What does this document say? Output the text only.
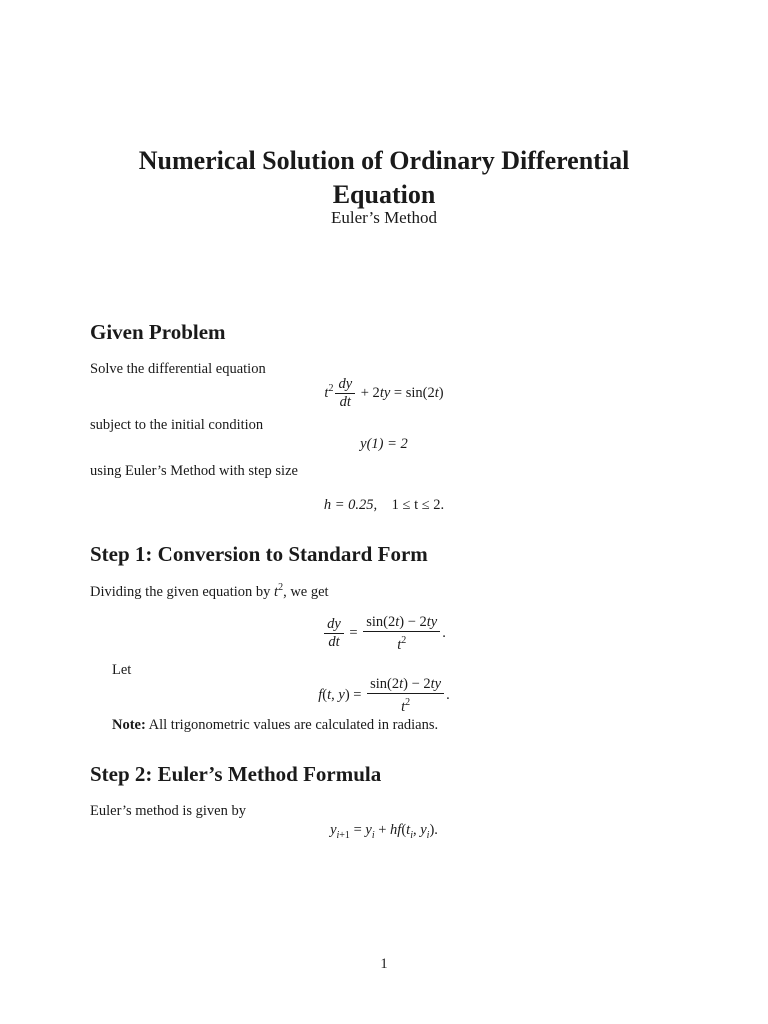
Numerical Solution of Ordinary Differential Equation
Euler’s Method
Given Problem
Solve the differential equation
$t^2 \frac{dy}{dt} + 2ty = \sin(2t)$
subject to the initial condition
y(1) = 2
using Euler’s Method with step size
h = 0.25, 1 ≤ t ≤ 2.
Step 1: Conversion to Standard Form
Dividing the given equation by $t^2$, we get
$\frac{dy}{dt} = \frac{\sin(2t) - 2ty}{t^2}$ .
Let
f(t, $y) = \frac{\sin(2t) - 2ty}{t^2}$ .
Note: All trigonometric values are calculated in radians.
Step 2: Euler’s Method Formula
Euler’s method is given by
$y_{i+1} = y_i + hf(t_i$, $y_i$).
1
